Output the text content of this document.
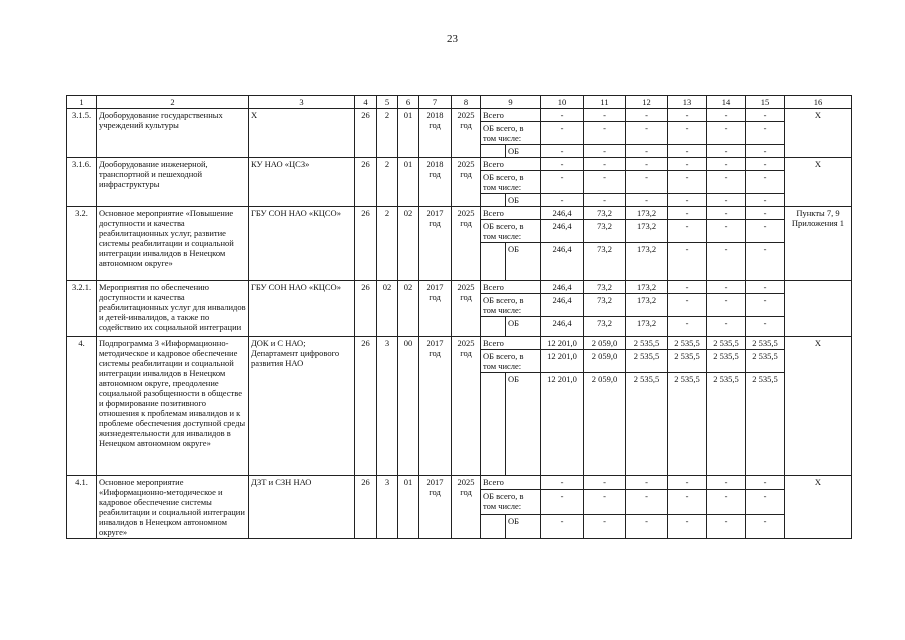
23
1	2	3	4	5	6	7	8	9		10	11	12	13	14	15	16
3.1.5.	Дооборудование государственных учреждений культуры	Х	26	2	01	2018 год	2025 год	Всего		-	-	-	-	-	-	Х
								ОБ всего, в том числе:		-	-	-	-	-	-	
									ОБ	-	-	-	-	-	-	
3.1.6.	Дооборудование инженерной, транспортной и пешеходной инфраструктуры	КУ НАО «ЦСЗ»	26	2	01	2018 год	2025 год	Всего		-	-	-	-	-	-	Х
								ОБ всего, в том числе:		-	-	-	-	-	-	
									ОБ	-	-	-	-	-	-	
3.2.	Основное мероприятие «Повышение доступности и качества реабилитационных услуг, развитие системы реабилитации и социальной интеграции инвалидов в Ненецком автономном округе»	ГБУ СОН НАО «КЦСО»	26	2	02	2017 год	2025 год	Всего		246,4	73,2	173,2	-	-	-	Пункты 7, 9 Приложения 1
								ОБ всего, в том числе:		246,4	73,2	173,2	-	-	-	
									ОБ	246,4	73,2	173,2	-	-	-	
3.2.1.	Мероприятия по обеспечению доступности и качества реабилитационных услуг для инвалидов и детей-инвалидов, а также по содействию их социальной интеграции	ГБУ СОН НАО «КЦСО»	26	02	02	2017 год	2025 год	Всего		246,4	73,2	173,2	-	-	-	
								ОБ всего, в том числе:		246,4	73,2	173,2	-	-	-	
									ОБ	246,4	73,2	173,2	-	-	-	
4.	Подпрограмма 3 «Информационно-методическое и кадровое обеспечение системы реабилитации и социальной интеграции инвалидов в Ненецком автономном округе, преодоление социальной разобщенности в обществе и формирование позитивного отношения к проблемам инвалидов и к проблеме обеспечения доступной среды жизнедеятельности для инвалидов в Ненецком автономном округе»	ДОК и С НАО; Департамент цифрового развития НАО	26	3	00	2017 год	2025 год	Всего		12 201,0	2 059,0	2 535,5	2 535,5	2 535,5	2 535,5	Х
								ОБ всего, в том числе:		12 201,0	2 059,0	2 535,5	2 535,5	2 535,5	2 535,5	
									ОБ	12 201,0	2 059,0	2 535,5	2 535,5	2 535,5	2 535,5	
4.1.	Основное мероприятие «Информационно-методическое и кадровое обеспечение системы реабилитации и социальной интеграции инвалидов в Ненецком автономном округе»	ДЗТ и СЗН НАО	26	3	01	2017 год	2025 год	Всего		-	-	-	-	-	-	Х
								ОБ всего, в том числе:		-	-	-	-	-	-	
									ОБ	-	-	-	-	-	-	
